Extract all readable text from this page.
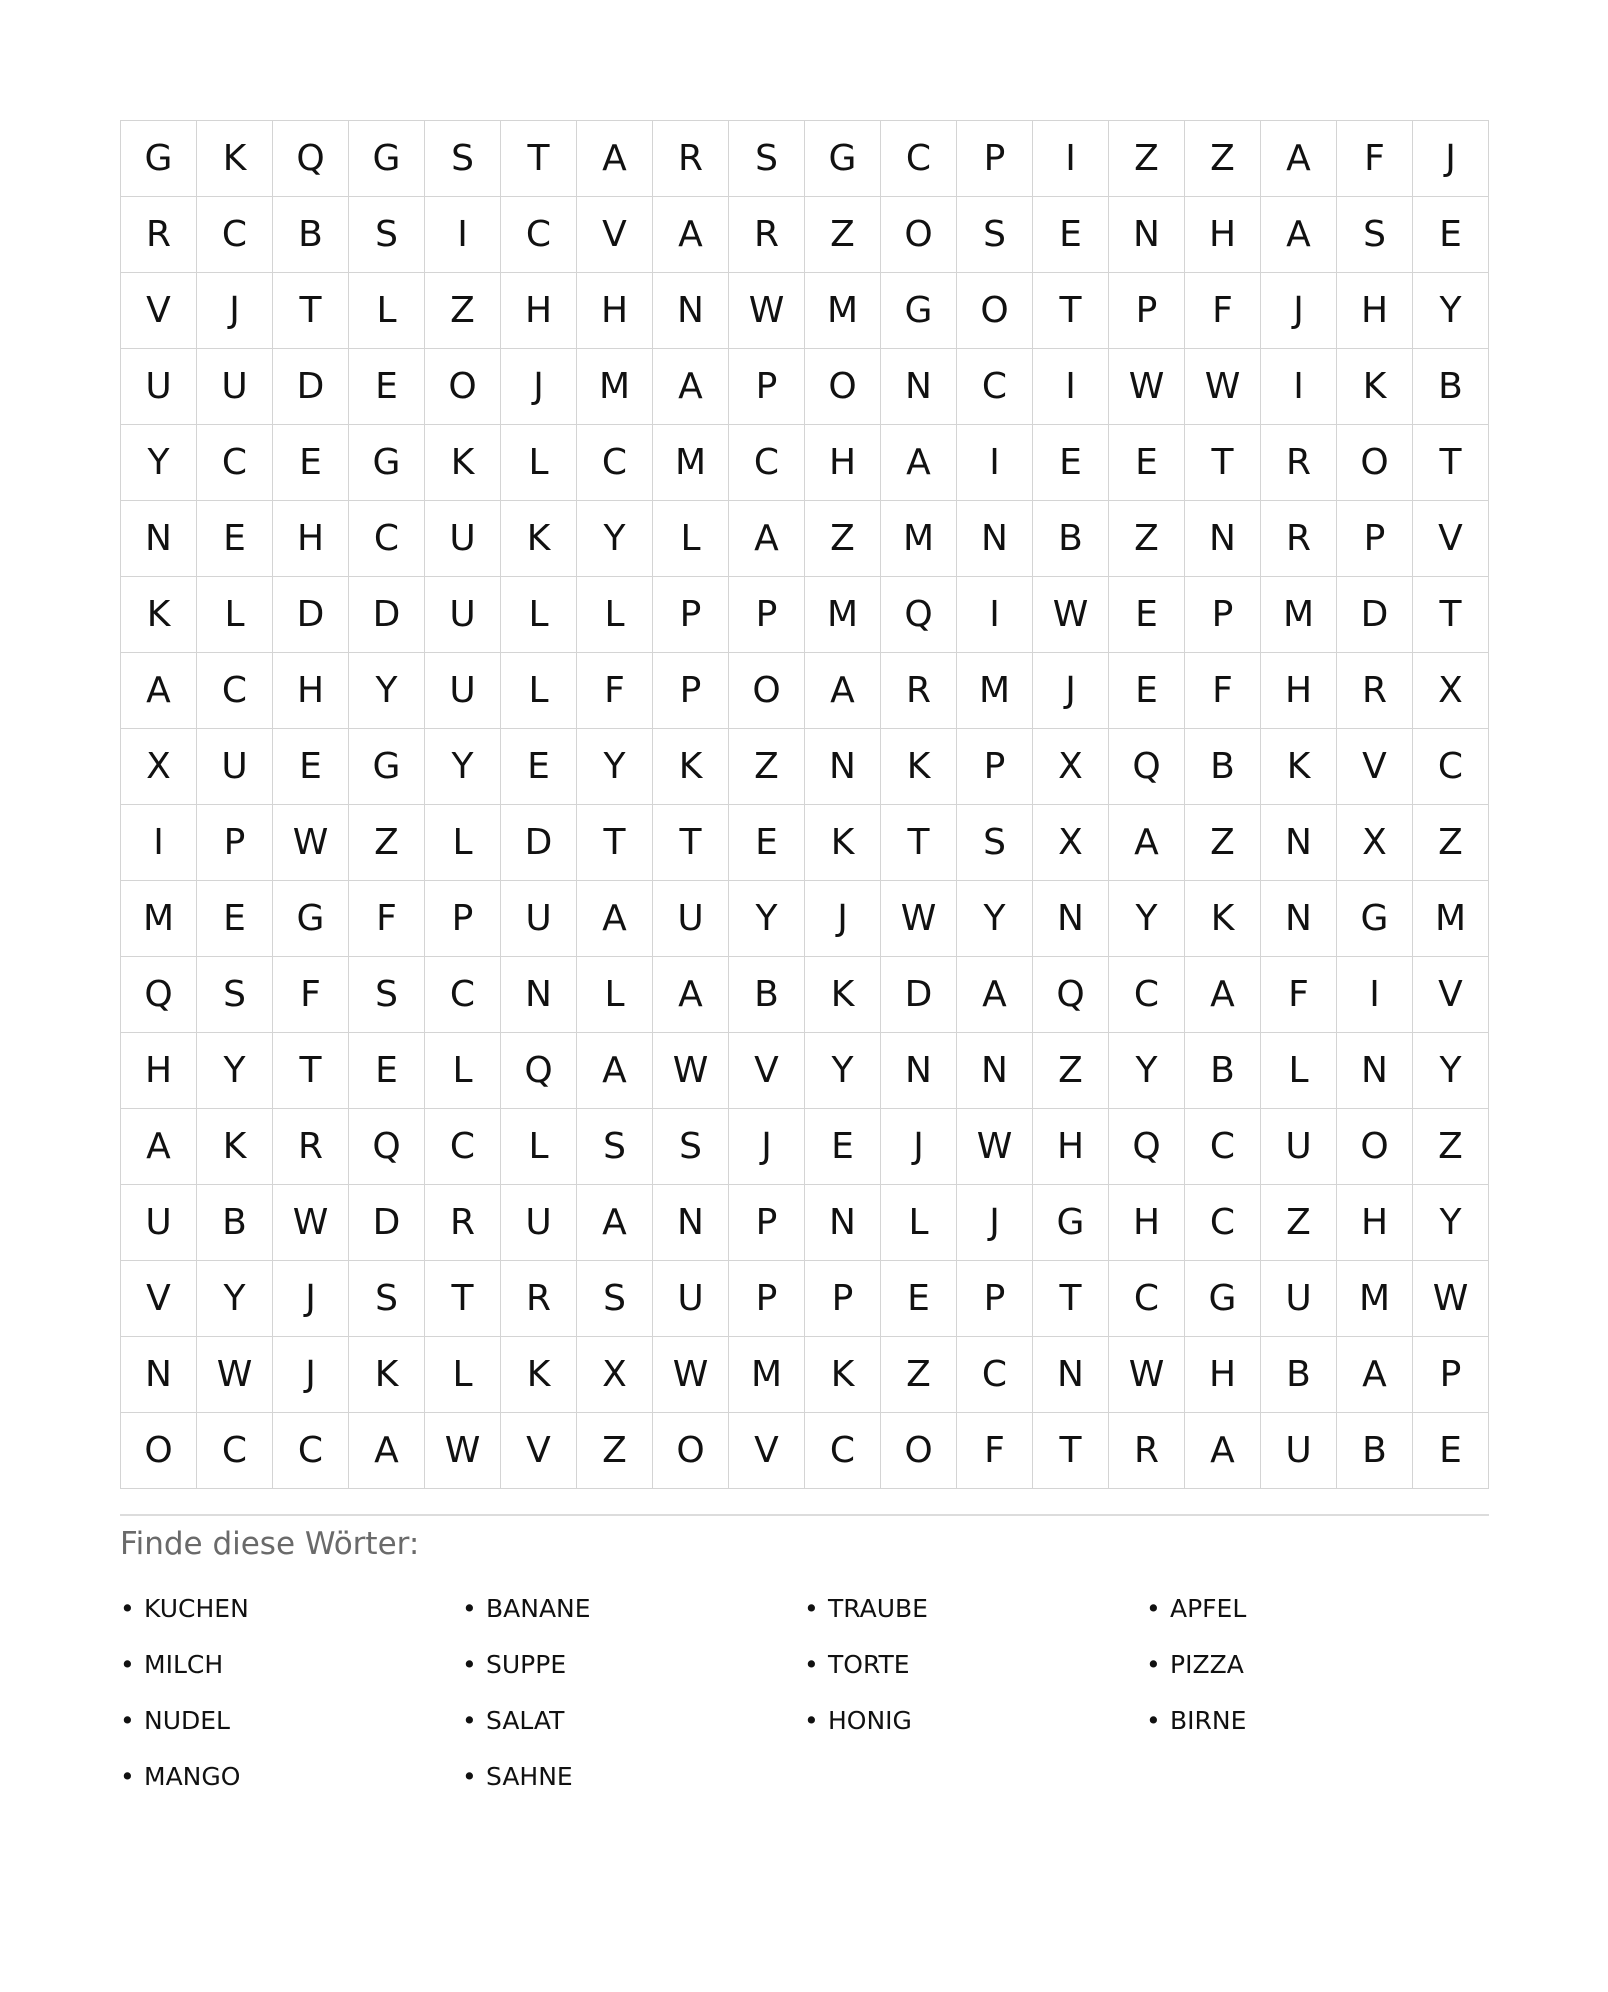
G	K	Q	G	S	T	A	R	S	G	C	P	I	Z	Z	A	F	J
R	C	B	S	I	C	V	A	R	Z	O	S	E	N	H	A	S	E
V	J	T	L	Z	H	H	N	W	M	G	O	T	P	F	J	H	Y
U	U	D	E	O	J	M	A	P	O	N	C	I	W	W	I	K	B
Y	C	E	G	K	L	C	M	C	H	A	I	E	E	T	R	O	T
N	E	H	C	U	K	Y	L	A	Z	M	N	B	Z	N	R	P	V
K	L	D	D	U	L	L	P	P	M	Q	I	W	E	P	M	D	T
A	C	H	Y	U	L	F	P	O	A	R	M	J	E	F	H	R	X
X	U	E	G	Y	E	Y	K	Z	N	K	P	X	Q	B	K	V	C
I	P	W	Z	L	D	T	T	E	K	T	S	X	A	Z	N	X	Z
M	E	G	F	P	U	A	U	Y	J	W	Y	N	Y	K	N	G	M
Q	S	F	S	C	N	L	A	B	K	D	A	Q	C	A	F	I	V
H	Y	T	E	L	Q	A	W	V	Y	N	N	Z	Y	B	L	N	Y
A	K	R	Q	C	L	S	S	J	E	J	W	H	Q	C	U	O	Z
U	B	W	D	R	U	A	N	P	N	L	J	G	H	C	Z	H	Y
V	Y	J	S	T	R	S	U	P	P	E	P	T	C	G	U	M	W
N	W	J	K	L	K	X	W	M	K	Z	C	N	W	H	B	A	P
O	C	C	A	W	V	Z	O	V	C	O	F	T	R	A	U	B	E
Finde diese Wörter:
• KUCHEN	• BANANE	• TRAUBE	• APFEL
• MILCH	• SUPPE	• TORTE	• PIZZA
• NUDEL	• SALAT	• HONIG	• BIRNE
• MANGO	• SAHNE
